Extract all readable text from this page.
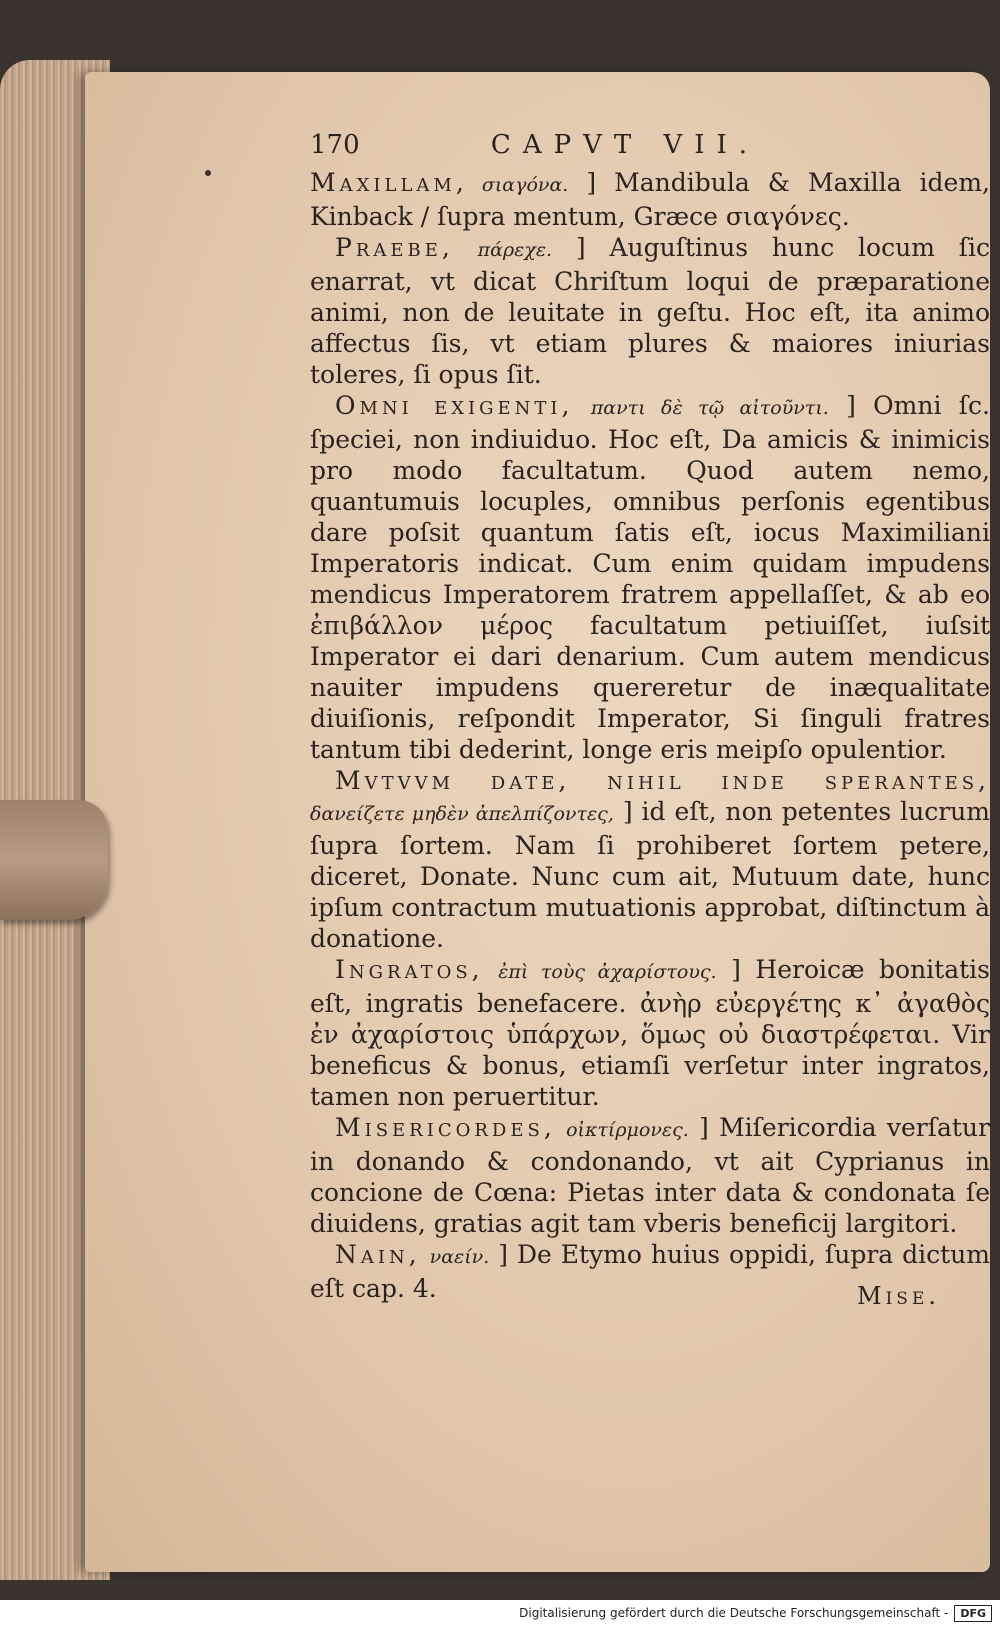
170	CAPVT VII.

Maxillam, σιαγόνα. ] Mandibula & Maxilla idem, Kinback / ſupra mentum, Græce σιαγόνες.

 Praebe, πάρεχε. ] Auguſtinus hunc locum ſic enarrat, vt dicat Chriſtum loqui de præparatione animi, non de leuitate in geſtu. Hoc eſt, ita animo affectus ſis, vt etiam plures & maiores iniurias toleres, ſi opus ſit.

 Omni exigenti, παντι δὲ τῷ αἰτοῦντι. ] Omni ſc. ſpeciei, non indiuiduo. Hoc eſt, Da amicis & inimicis pro modo facultatum. Quod autem nemo, quantumuis locuples, omnibus perſonis egentibus dare poſsit quantum ſatis eſt, iocus Maximiliani Imperatoris indicat. Cum enim quidam impudens mendicus Imperatorem fratrem appellaſſet, & ab eo ἐπιβάλλον μέρος facultatum petiuiſſet, iuſsit Imperator ei dari denarium. Cum autem mendicus nauiter impudens quereretur de inæqualitate diuiſionis, reſpondit Imperator, Si ſinguli fratres tantum tibi dederint, longe eris meipſo opulentior.

 Mvtvvm date, nihil inde sperantes, δανείζετε μηδὲν ἀπελπίζοντες, ] id eſt, non petentes lucrum ſupra ſortem. Nam ſi prohiberet ſortem petere, diceret, Donate. Nunc cum ait, Mutuum date, hunc ipſum contractum mutuationis approbat, diſtinctum à donatione.

 Ingratos, ἐπὶ τοὺς ἀχαρίστους. ] Heroicæ bonitatis eſt, ingratis benefacere. ἀνὴρ εὐεργέτης κ᾽ ἀγαθὸς ἐν ἀχαρίστοις ὑπάρχων, ὅμως οὐ διαστρέφεται. Vir beneficus & bonus, etiamſi verſetur inter ingratos, tamen non peruertitur.

 Misericordes, οἰκτίρμονες. ] Miſericordia verſatur in donando & condonando, vt ait Cyprianus in concione de Cœna: Pietas inter data & condonata ſe diuidens, gratias agit tam vberis beneficij largitori.

 Nain, ναείν. ] De Etymo huius oppidi, ſupra dictum eſt cap. 4.	Mise.
Digitalisierung gefördert durch die Deutsche Forschungsgemeinschaft -	DFG
